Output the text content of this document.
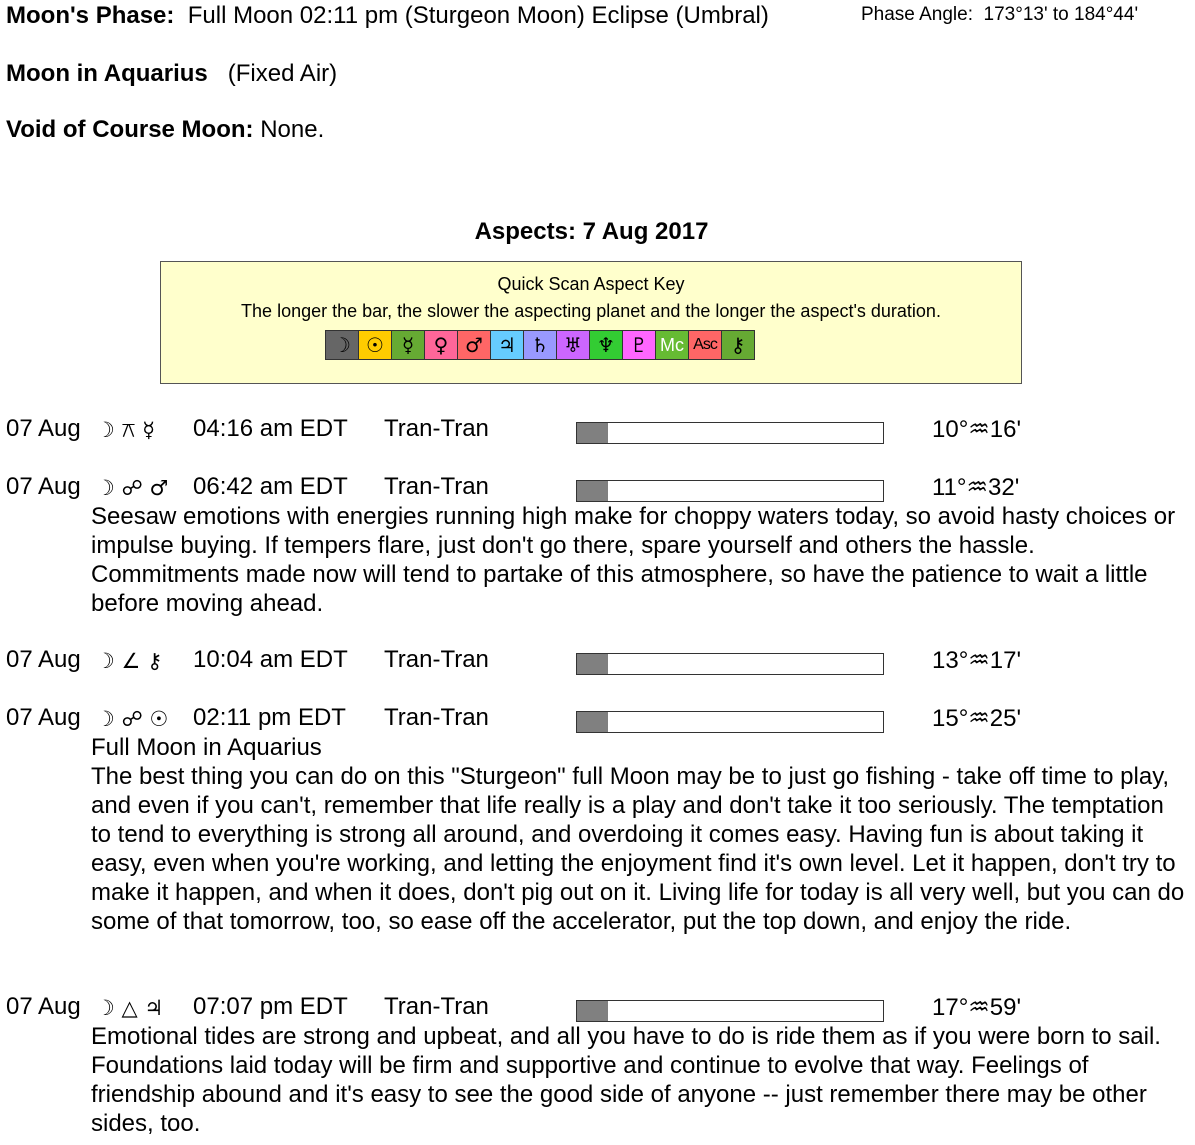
Moon's Phase: Full Moon 02:11 pm (Sturgeon Moon) Eclipse (Umbral)	Phase Angle: 173°13' to 184°44'
Moon in Aquarius (Fixed Air)
Void of Course Moon: None.
Aspects: 7 Aug 2017
Quick Scan Aspect Key
The longer the bar, the slower the aspecting planet and the longer the aspect's duration.
☽ ☉ ☿ ♀ ♂ ♃ ♄ ♅ ♆ ♇ Mc Asc ⚷
07 Aug ☽ ⚻ ☿ 04:16 am EDT Tran-Tran	10°♒16'
07 Aug ☽ ☍ ♂ 06:42 am EDT Tran-Tran	11°♒32'
Seesaw emotions with energies running high make for choppy waters today, so avoid hasty choices or impulse buying. If tempers flare, just don't go there, spare yourself and others the hassle. Commitments made now will tend to partake of this atmosphere, so have the patience to wait a little before moving ahead.
07 Aug ☽ ∠ ⚷ 10:04 am EDT Tran-Tran	13°♒17'
07 Aug ☽ ☍ ☉ 02:11 pm EDT Tran-Tran	15°♒25'
Full Moon in Aquarius
The best thing you can do on this "Sturgeon" full Moon may be to just go fishing - take off time to play, and even if you can't, remember that life really is a play and don't take it too seriously. The temptation to tend to everything is strong all around, and overdoing it comes easy. Having fun is about taking it easy, even when you're working, and letting the enjoyment find it's own level. Let it happen, don't try to make it happen, and when it does, don't pig out on it. Living life for today is all very well, but you can do some of that tomorrow, too, so ease off the accelerator, put the top down, and enjoy the ride.
07 Aug ☽ △ ♃ 07:07 pm EDT Tran-Tran	17°♒59'
Emotional tides are strong and upbeat, and all you have to do is ride them as if you were born to sail. Foundations laid today will be firm and supportive and continue to evolve that way. Feelings of friendship abound and it's easy to see the good side of anyone -- just remember there may be other sides, too.
